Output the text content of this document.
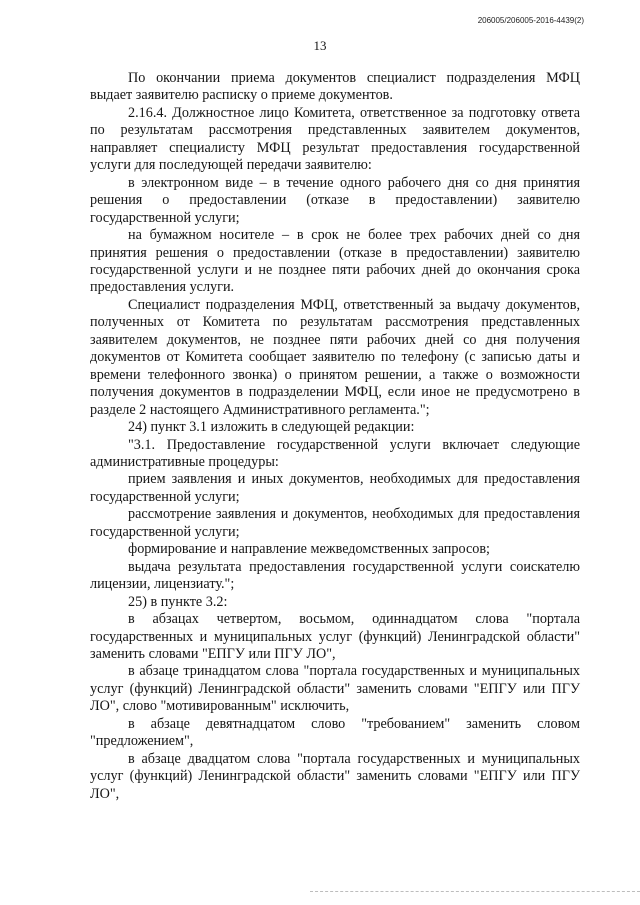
206005/206005-2016-4439(2)
13

По окончании приема документов специалист подразделения МФЦ выдает заявителю расписку о приеме документов.

2.16.4. Должностное лицо Комитета, ответственное за подготовку ответа по результатам рассмотрения представленных заявителем документов, направляет специалисту МФЦ результат предоставления государственной услуги для последующей передачи заявителю:

в электронном виде – в течение одного рабочего дня со дня принятия решения о предоставлении (отказе в предоставлении) заявителю государственной услуги;

на бумажном носителе – в срок не более трех рабочих дней со дня принятия решения о предоставлении (отказе в предоставлении) заявителю государственной услуги и не позднее пяти рабочих дней до окончания срока предоставления услуги.

Специалист подразделения МФЦ, ответственный за выдачу документов, полученных от Комитета по результатам рассмотрения представленных заявителем документов, не позднее пяти рабочих дней со дня получения документов от Комитета сообщает заявителю по телефону (с записью даты и времени телефонного звонка) о принятом решении, а также о возможности получения документов в подразделении МФЦ, если иное не предусмотрено в разделе 2 настоящего Административного регламента.";

24) пункт 3.1 изложить в следующей редакции:

"3.1. Предоставление государственной услуги включает следующие административные процедуры:

прием заявления и иных документов, необходимых для предоставления государственной услуги;

рассмотрение заявления и документов, необходимых для предоставления государственной услуги;

формирование и направление межведомственных запросов;

выдача результата предоставления государственной услуги соискателю лицензии, лицензиату.";

25) в пункте 3.2:

в абзацах четвертом, восьмом, одиннадцатом слова "портала государственных и муниципальных услуг (функций) Ленинградской области" заменить словами "ЕПГУ или ПГУ ЛО",

в абзаце тринадцатом слова "портала государственных и муниципальных услуг (функций) Ленинградской области" заменить словами "ЕПГУ или ПГУ ЛО", слово "мотивированным" исключить,

в абзаце девятнадцатом слово "требованием" заменить словом "предложением",

в абзаце двадцатом слова "портала государственных и муниципальных услуг (функций) Ленинградской области" заменить словами "ЕПГУ или ПГУ ЛО",
